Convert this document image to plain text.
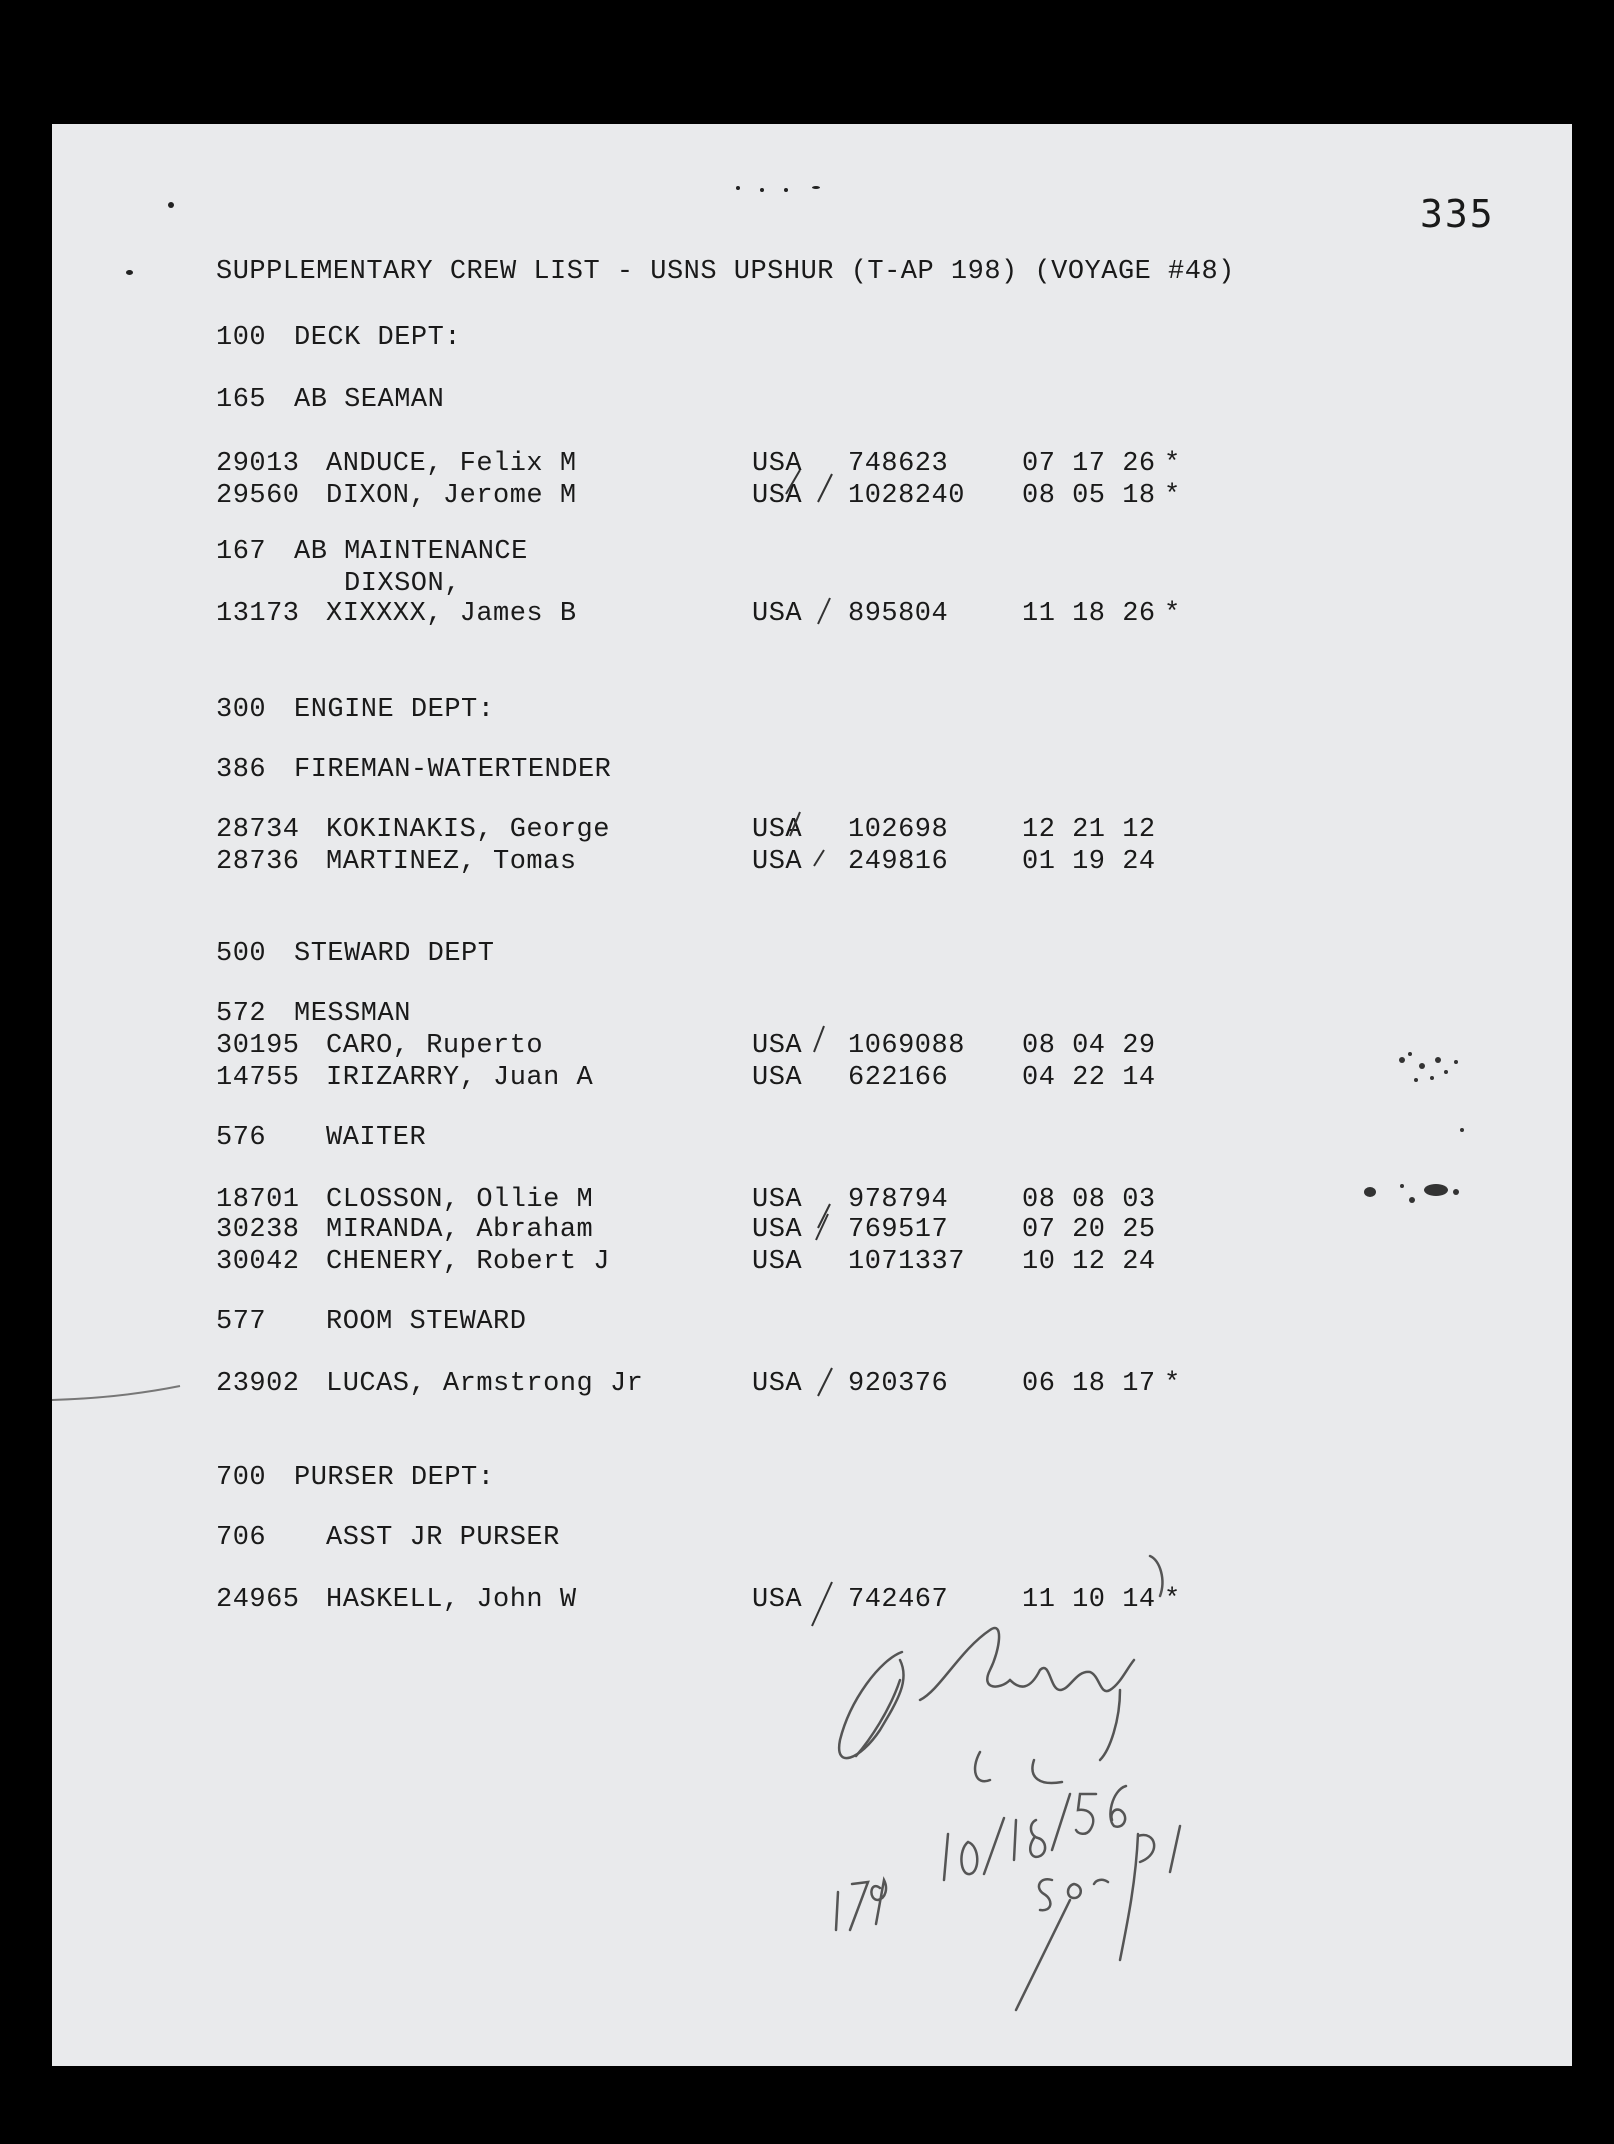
335
SUPPLEMENTARY CREW LIST - USNS UPSHUR (T-AP 198) (VOYAGE #48)
100 DECK DEPT:
165 AB SEAMAN
29013 ANDUCE, Felix M	USA 748623	07 17 26 *
29560 DIXON, Jerome M	USA 1028240 08 05 18 *
167 AB MAINTENANCE
DIXSON,
13173 XIXXXX, James B	USA 895804	11 18 26 *
300 ENGINE DEPT:
386 FIREMAN-WATERTENDER
28734 KOKINAKIS, George	USA 102698	12 21 12
28736 MARTINEZ, Tomas	USA 249816	01 19 24
500 STEWARD DEPT
572 MESSMAN
30195 CARO, Ruperto	USA 1069088 08 04 29
14755 IRIZARRY, Juan A	USA 622166	04 22 14
576 WAITER
18701 CLOSSON, Ollie M	USA 978794	08 08 03
30238 MIRANDA, Abraham	USA 769517	07 20 25
30042 CHENERY, Robert J	USA 1071337 10 12 24
577 ROOM STEWARD
23902 LUCAS, Armstrong Jr	USA 920376	06 18 17 *
700 PURSER DEPT:
706 ASST JR PURSER
24965 HASKELL, John W	USA 742467	11 10 14 *
